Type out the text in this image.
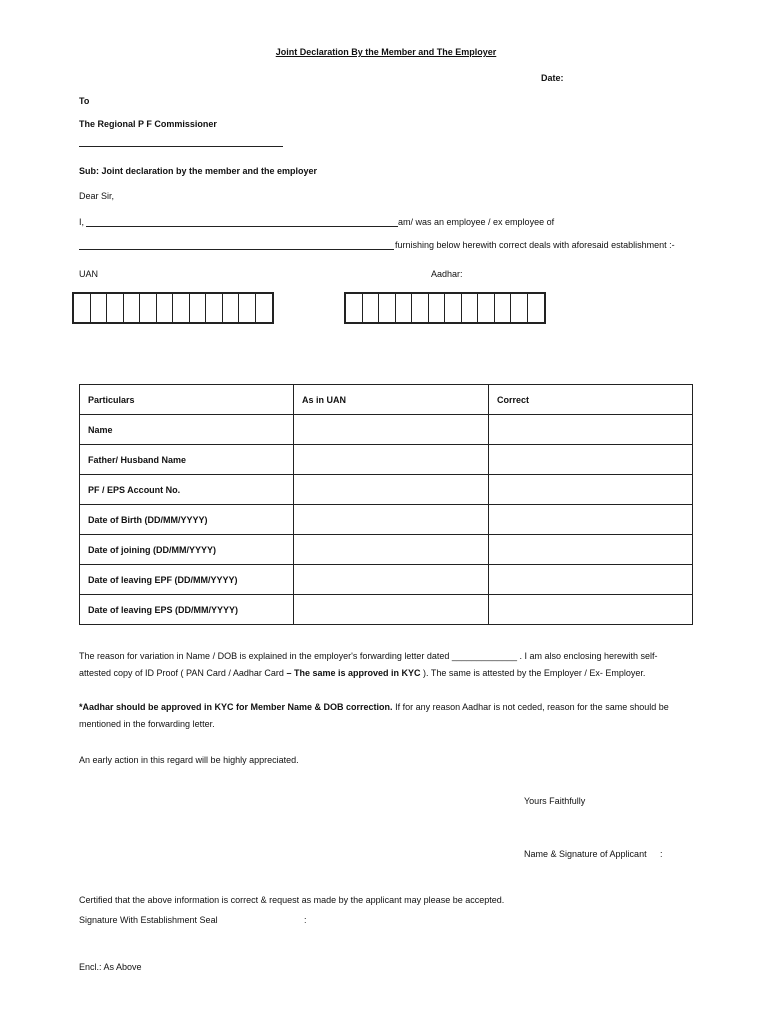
Joint Declaration By the Member and The Employer
Date:
To
The Regional P F Commissioner
Sub: Joint declaration by the member and the employer
Dear Sir,
I,	am/ was an employee / ex employee of
furnishing below herewith correct deals with aforesaid establishment :-
UAN	Aadhar:
Particulars	As in UAN	Correct
Name		
Father/ Husband Name		
PF / EPS Account No.		
Date of Birth (DD/MM/YYYY)		
Date of joining (DD/MM/YYYY)		
Date of leaving EPF (DD/MM/YYYY)		
Date of leaving EPS (DD/MM/YYYY)		
The reason for variation in Name / DOB is explained in the employer's forwarding letter dated _____________ . I am also enclosing herewith self-
attested copy of ID Proof ( PAN Card / Aadhar Card – The same is approved in KYC ). The same is attested by the Employer / Ex- Employer.
*Aadhar should be approved in KYC for Member Name & DOB correction. If for any reason Aadhar is not ceded, reason for the same should be
mentioned in the forwarding letter.
An early action in this regard will be highly appreciated.
Yours Faithfully
Name & Signature of Applicant :
Certified that the above information is correct & request as made by the applicant may please be accepted.
Signature With Establishment Seal	:
Encl.: As Above
